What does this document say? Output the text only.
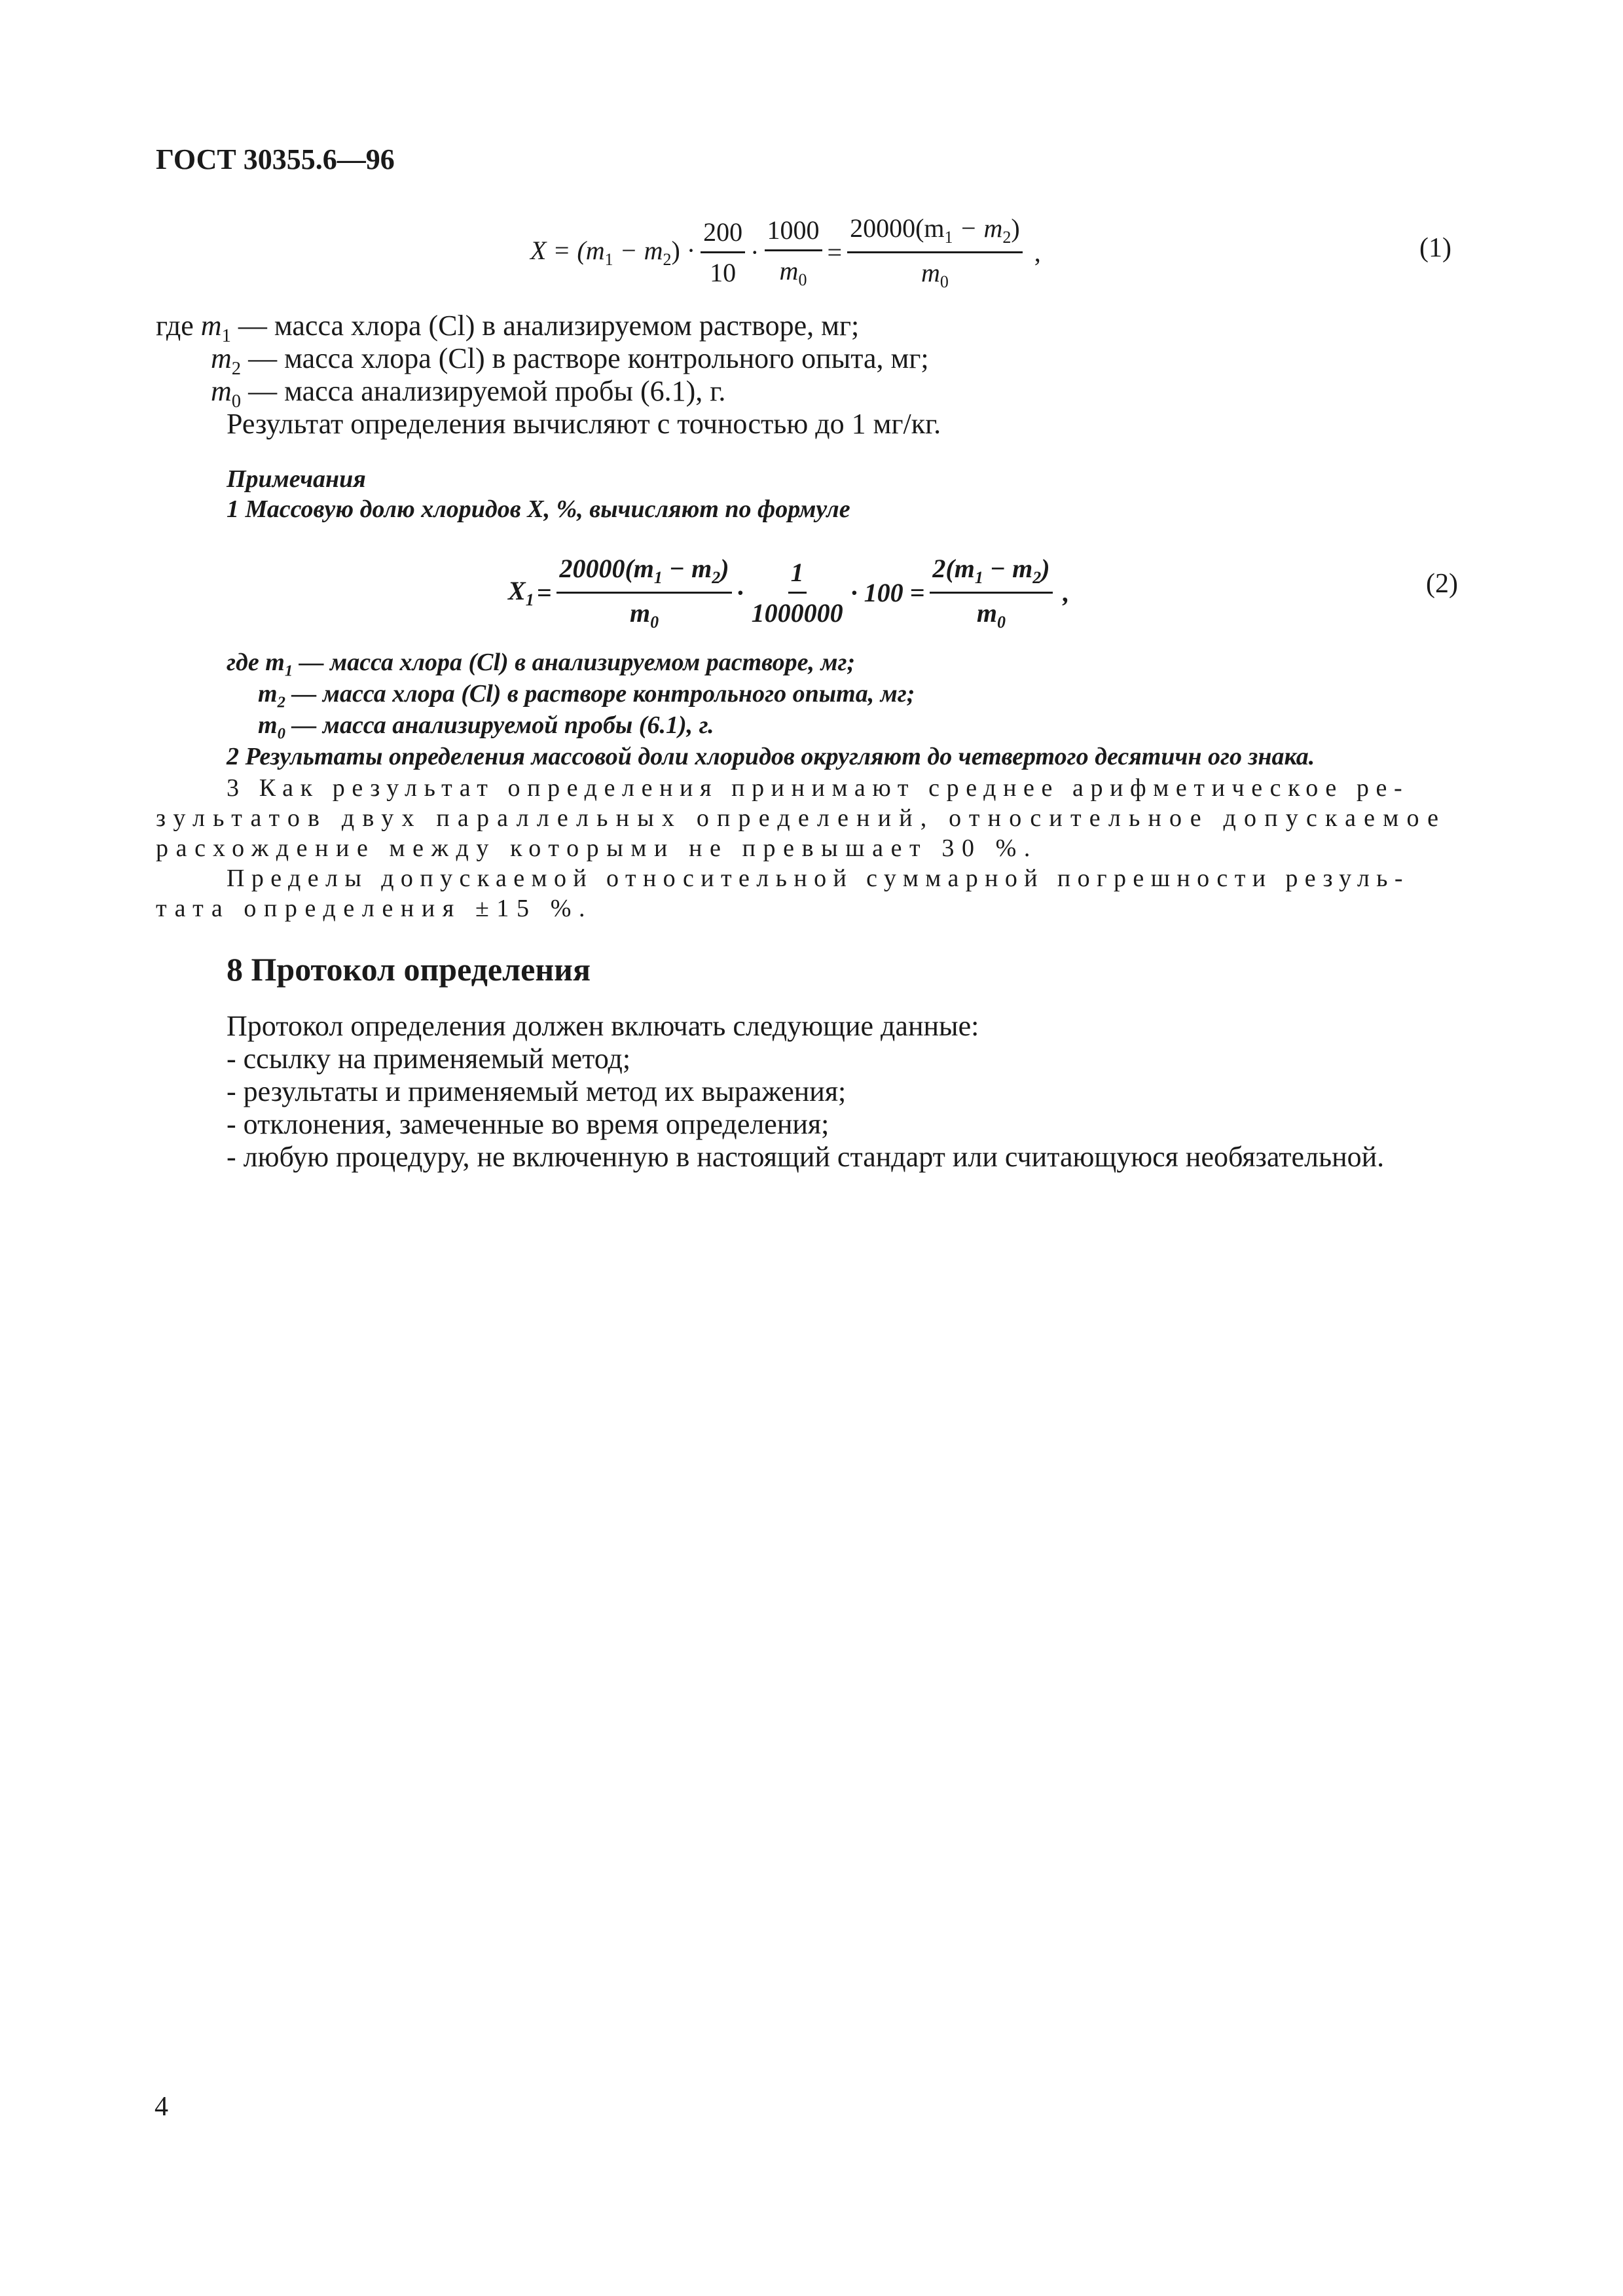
ГОСТ 30355.6—96
$X = (m_1 - m_2) \cdot \frac{200}{10} \cdot \frac{1000}{m_0} = \frac{20000(m_1 - m_2)}{m_0}$ ,	(1)
где $m_1$ — масса хлора (Cl) в анализируемом растворе, мг;
$m_2$ — масса хлора (Cl) в растворе контрольного опыта, мг;
$m_0$ — масса анализируемой пробы (6.1), г.
Результат определения вычисляют с точностью до 1 мг/кг.
Примечания
1 Массовую долю хлоридов X, %, вычисляют по формуле
$X_1 = \frac{20000(m_1 - m_2)}{m_0} \cdot \frac{1}{1000000} \cdot 100 = \frac{2(m_1 - m_2)}{m_0}$ ,	(2)
где $m_1$ — масса хлора (Cl) в анализируемом растворе, мг;
$m_2$ — масса хлора (Cl) в растворе контрольного опыта, мг;
$m_0$ — масса анализируемой пробы (6.1), г.
2 Результаты определения массовой доли хлоридов округляют до четвертого десятичн ого знака.
3 Как результат определения принимают среднее арифметическое ре-
зультатов двух параллельных определений, относительное допускаемое
расхождение между которыми не превышает 30 %.
Пределы допускаемой относительной суммарной погрешности резуль-
тата определения ±15 %.
8 Протокол определения
Протокол определения должен включать следующие данные:
- ссылку на применяемый метод;
- результаты и применяемый метод их выражения;
- отклонения, замеченные во время определения;
- любую процедуру, не включенную в настоящий стандарт или считающуюся необязательной.
4
